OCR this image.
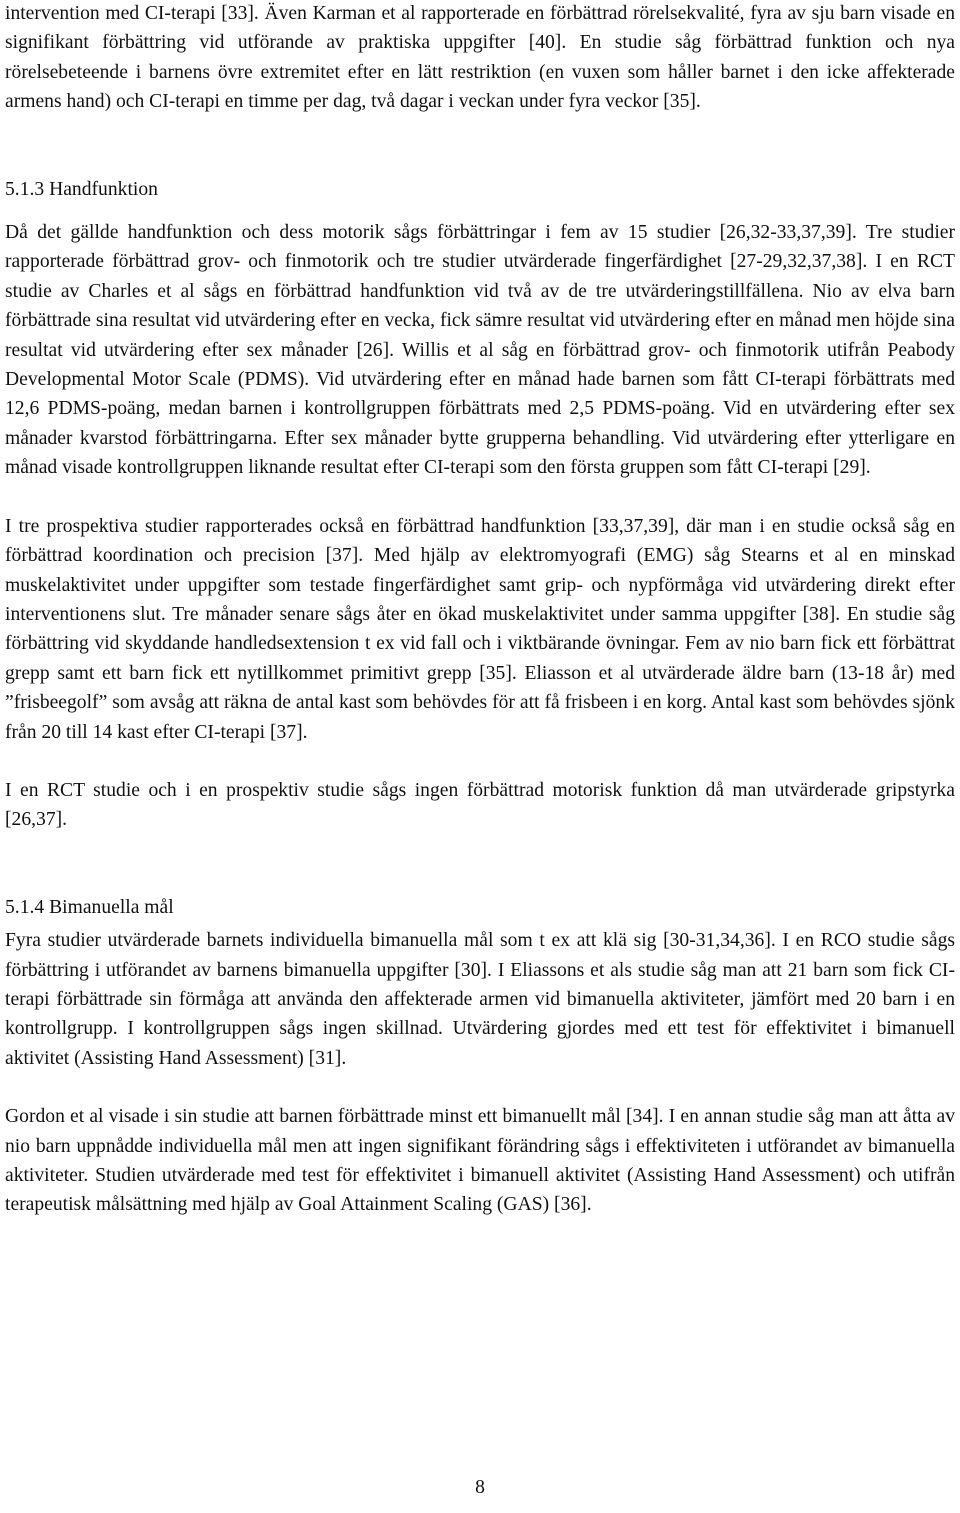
intervention med CI-terapi [33]. Även Karman et al rapporterade en förbättrad rörelsekvalité, fyra av sju barn visade en signifikant förbättring vid utförande av praktiska uppgifter [40]. En studie såg förbättrad funktion och nya rörelsebeteende i barnens övre extremitet efter en lätt restriktion (en vuxen som håller barnet i den icke affekterade armens hand) och CI-terapi en timme per dag, två dagar i veckan under fyra veckor [35].

5.1.3 Handfunktion

Då det gällde handfunktion och dess motorik sågs förbättringar i fem av 15 studier [26,32-33,37,39]. Tre studier rapporterade förbättrad grov- och finmotorik och tre studier utvärderade fingerfärdighet [27-29,32,37,38]. I en RCT studie av Charles et al sågs en förbättrad handfunktion vid två av de tre utvärderingstillfällena. Nio av elva barn förbättrade sina resultat vid utvärdering efter en vecka, fick sämre resultat vid utvärdering efter en månad men höjde sina resultat vid utvärdering efter sex månader [26]. Willis et al såg en förbättrad grov- och finmotorik utifrån Peabody Developmental Motor Scale (PDMS). Vid utvärdering efter en månad hade barnen som fått CI-terapi förbättrats med 12,6 PDMS-poäng, medan barnen i kontrollgruppen förbättrats med 2,5 PDMS-poäng. Vid en utvärdering efter sex månader kvarstod förbättringarna. Efter sex månader bytte grupperna behandling. Vid utvärdering efter ytterligare en månad visade kontrollgruppen liknande resultat efter CI-terapi som den första gruppen som fått CI-terapi [29].

I tre prospektiva studier rapporterades också en förbättrad handfunktion [33,37,39], där man i en studie också såg en förbättrad koordination och precision [37]. Med hjälp av elektromyografi (EMG) såg Stearns et al en minskad muskelaktivitet under uppgifter som testade fingerfärdighet samt grip- och nypförmåga vid utvärdering direkt efter interventionens slut. Tre månader senare sågs åter en ökad muskelaktivitet under samma uppgifter [38]. En studie såg förbättring vid skyddande handledsextension t ex vid fall och i viktbärande övningar. Fem av nio barn fick ett förbättrat grepp samt ett barn fick ett nytillkommet primitivt grepp [35]. Eliasson et al utvärderade äldre barn (13-18 år) med ”frisbeegolf” som avsåg att räkna de antal kast som behövdes för att få frisbeen i en korg. Antal kast som behövdes sjönk från 20 till 14 kast efter CI-terapi [37].

I en RCT studie och i en prospektiv studie sågs ingen förbättrad motorisk funktion då man utvärderade gripstyrka [26,37].

5.1.4 Bimanuella mål

Fyra studier utvärderade barnets individuella bimanuella mål som t ex att klä sig [30-31,34,36]. I en RCO studie sågs förbättring i utförandet av barnens bimanuella uppgifter [30]. I Eliassons et als studie såg man att 21 barn som fick CI-terapi förbättrade sin förmåga att använda den affekterade armen vid bimanuella aktiviteter, jämfört med 20 barn i en kontrollgrupp. I kontrollgruppen sågs ingen skillnad. Utvärdering gjordes med ett test för effektivitet i bimanuell aktivitet (Assisting Hand Assessment) [31].

Gordon et al visade i sin studie att barnen förbättrade minst ett bimanuellt mål [34]. I en annan studie såg man att åtta av nio barn uppnådde individuella mål men att ingen signifikant förändring sågs i effektiviteten i utförandet av bimanuella aktiviteter. Studien utvärderade med test för effektivitet i bimanuell aktivitet (Assisting Hand Assessment) och utifrån terapeutisk målsättning med hjälp av Goal Attainment Scaling (GAS) [36].

8
